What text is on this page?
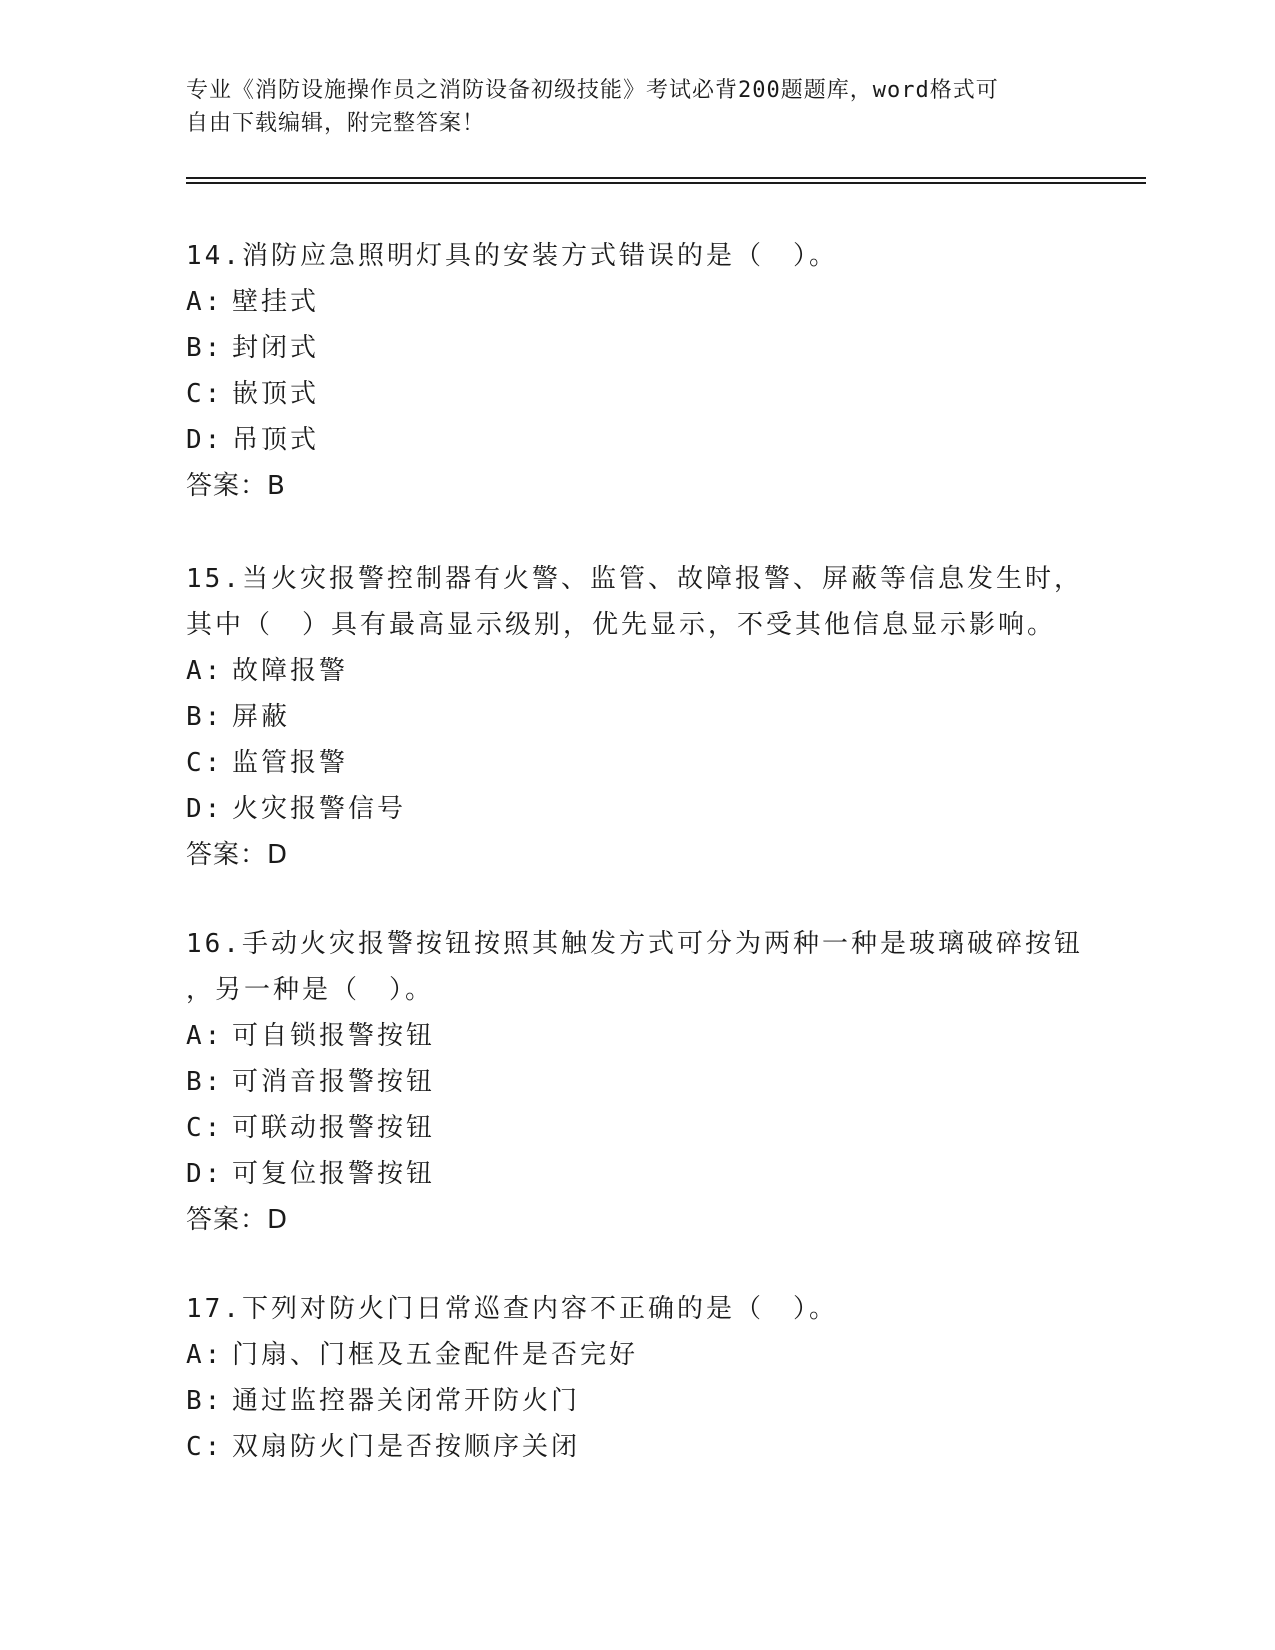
专业《消防设施操作员之消防设备初级技能》考试必背200题题库，word格式可
自由下载编辑，附完整答案！
14.消防应急照明灯具的安装方式错误的是（　）。
A: 壁挂式
B: 封闭式
C: 嵌顶式
D: 吊顶式
答案：B
15.当火灾报警控制器有火警、监管、故障报警、屏蔽等信息发生时，
其中（　）具有最高显示级别，优先显示，不受其他信息显示影响。
A: 故障报警
B: 屏蔽
C: 监管报警
D: 火灾报警信号
答案：D
16.手动火灾报警按钮按照其触发方式可分为两种一种是玻璃破碎按钮
，另一种是（　）。
A: 可自锁报警按钮
B: 可消音报警按钮
C: 可联动报警按钮
D: 可复位报警按钮
答案：D
17.下列对防火门日常巡查内容不正确的是（　）。
A: 门扇、门框及五金配件是否完好
B: 通过监控器关闭常开防火门
C: 双扇防火门是否按顺序关闭
